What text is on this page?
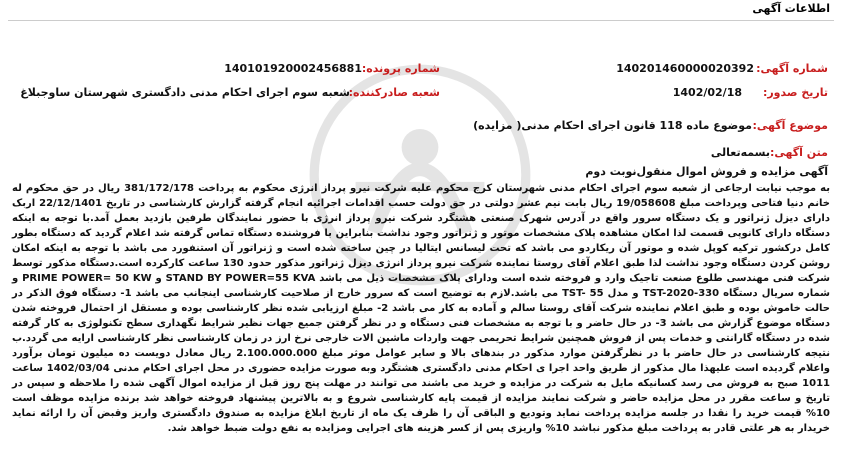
اطلاعات آگهی
شماره آگهی:
140201460000020392
شماره پرونده:
140101920002456881
تاریخ صدور:
1402/02/18
شعبه صادرکننده:
شعبه سوم اجرای احکام مدنی دادگستری شهرستان ساوجبلاغ
موضوع آگهی:
موضوع ماده 118 قانون اجرای احکام مدنی( مزایده)
متن آگهی:
بسمه‌تعالی
آگهی مزایده و فروش اموال منقول‌نوبت دوم
به موجب نیابت ارجاعی از شعبه سوم اجرای احکام مدنی شهرستان کرج محکوم علیه شرکت نیرو پرداز انرژی محکوم به پرداخت 381/172/178 ریال در حق محکوم له خانم دنیا فتاحی وپرداخت مبلغ 19/058608 ریال بابت نیم عشر دولتی در حق دولت حسب اقدامات اجرائیه انجام گرفته گزارش کارشناسی در تاریخ 22/12/1401 اربک دارای دیزل ژنراتور و یک دستگاه سرور واقع در آدرس شهرک صنعتی هشتگرد شرکت نیرو پرداز انرژی با حضور نمایندگان طرفین بازدید بعمل آمد.با توجه به اینکه دستگاه دارای کانوپی قسمت لذا امکان مشاهده پلاک مشخصات موتور و ژنراتور وجود نداشت بنابراین با فروشنده دستگاه تماس گرفته شد اعلام گردید که دستگاه بطور کامل درکشور ترکیه کوپل شده و موتور آن ریکاردو می باشد که تحت لیسانس ایتالیا در چین ساخته شده است و ژنراتور آن استنفورد می باشد با توجه به اینکه امکان روشن کردن دستگاه وجود نداشت لذا طبق اعلام آقای روستا نماینده شرکت نیرو پرداز انرژی دیزل ژنراتور مذکور حدود 130 ساعت کارکرده است.دستگاه مذکور توسط شرکت فنی مهندسی طلوع صنعت تاجیک وارد و فروخته شده است ودارای پلاک مشخصات ذیل می باشد STAND BY POWER=55 KVA و PRIME POWER= 50 KW و شماره سریال دستگاه TST-2020-330 و مدل TST- 55 می باشد.لازم به توضیح است که سرور خارج از صلاحیت کارشناسی اینجانب می باشد 1- دستگاه فوق الذکر در حالت خاموش بوده و طبق اعلام نماینده شرکت آقای روستا سالم و آماده به کار می باشد 2- مبلغ ارزیابی شده نظر کارشناسی بوده و مستقل از احتمال فروخته شدن دستگاه موضوع گزارش می باشد 3- در حال حاضر و با توجه به مشخصات فنی دستگاه و در نظر گرفتن جمیع جهات نظیر شرایط نگهداری سطح تکنولوژی به کار گرفته شده در دستگاه گارانتی و خدمات پس از فروش همچنین شرایط تحریمی جهت واردات ماشین الات خارجی نرخ ارز در زمان کارشناسی نظر کارشناسی ارایه می گردد.ب نتیجه کارشناسی در حال حاضر با در نظرگرفتن موارد مذکور در بندهای بالا و سایر عوامل موثر مبلغ 2.100.000.000 ریال معادل دویست ده میلیون تومان برآورد واعلام گردیده است علیهذا مال مذکور از طریق واحد اجرا ی احکام مدنی دادگستری هشتگرد وبه صورت مزایده حضوری در محل اجرای احکام مدنی 1402/03/04 ساعت 1011 صبح به فروش می رسد کسانیکه مایل به شرکت در مزایده و خرید می باشند می توانند در مهلت پنج روز قبل از مزایده اموال آگهی شده را ملاحظه و سپس در تاریخ و ساعت مقرر در محل مزایده حاضر و شرکت نمایند مزایده از قیمت پایه کارشناسی شروع و به بالاترین پیشنهاد فروخته خواهد شد برنده مزایده موظف است 10% قیمت خرید را نقدا در جلسه مزایده پرداخت نماید وتودیع و الباقی آن را ظرف یک ماه از تاریخ ابلاغ مزایده به صندوق دادگستری واریز وقبض آن را ارائه نماید خریدار به هر علتی قادر به پرداخت مبلغ مذکور نباشد 10% واریزی پس از کسر هزینه های اجرایی ومزایده به نفع دولت ضبط خواهد شد.
